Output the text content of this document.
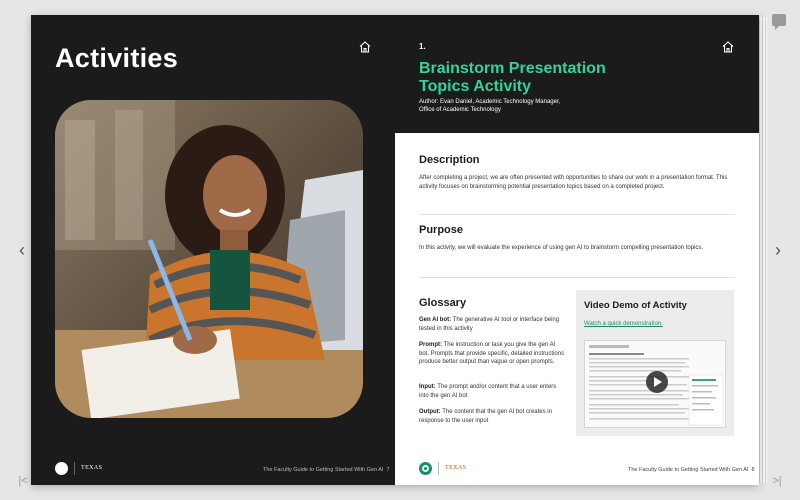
‹	›
|<	>|
Activities
TEXAS	The Faculty Guide to Getting Started With Gen AI 7
1.
Brainstorm Presentation Topics Activity
Author: Evan Daniel, Academic Technology Manager,
Office of Academic Technology
Description
After completing a project, we are often presented with opportunities to share our work in a presentation format. This activity focuses on brainstorming potential presentation topics based on a completed project.
Purpose
In this activity, we will evaluate the experience of using gen AI to brainstorm compelling presentation topics.
Glossary
Gen AI bot: The generative AI tool or interface being tested in this activity
Prompt: The instruction or task you give the gen AI bot. Prompts that provide specific, detailed instructions produce better output than vague or open prompts.
Input: The prompt and/or content that a user enters into the gen AI bot
Output: The content that the gen AI bot creates in response to the user input
Video Demo of Activity
Watch a quick demonstration.
TEXAS	The Faculty Guide to Getting Started With Gen AI 8
